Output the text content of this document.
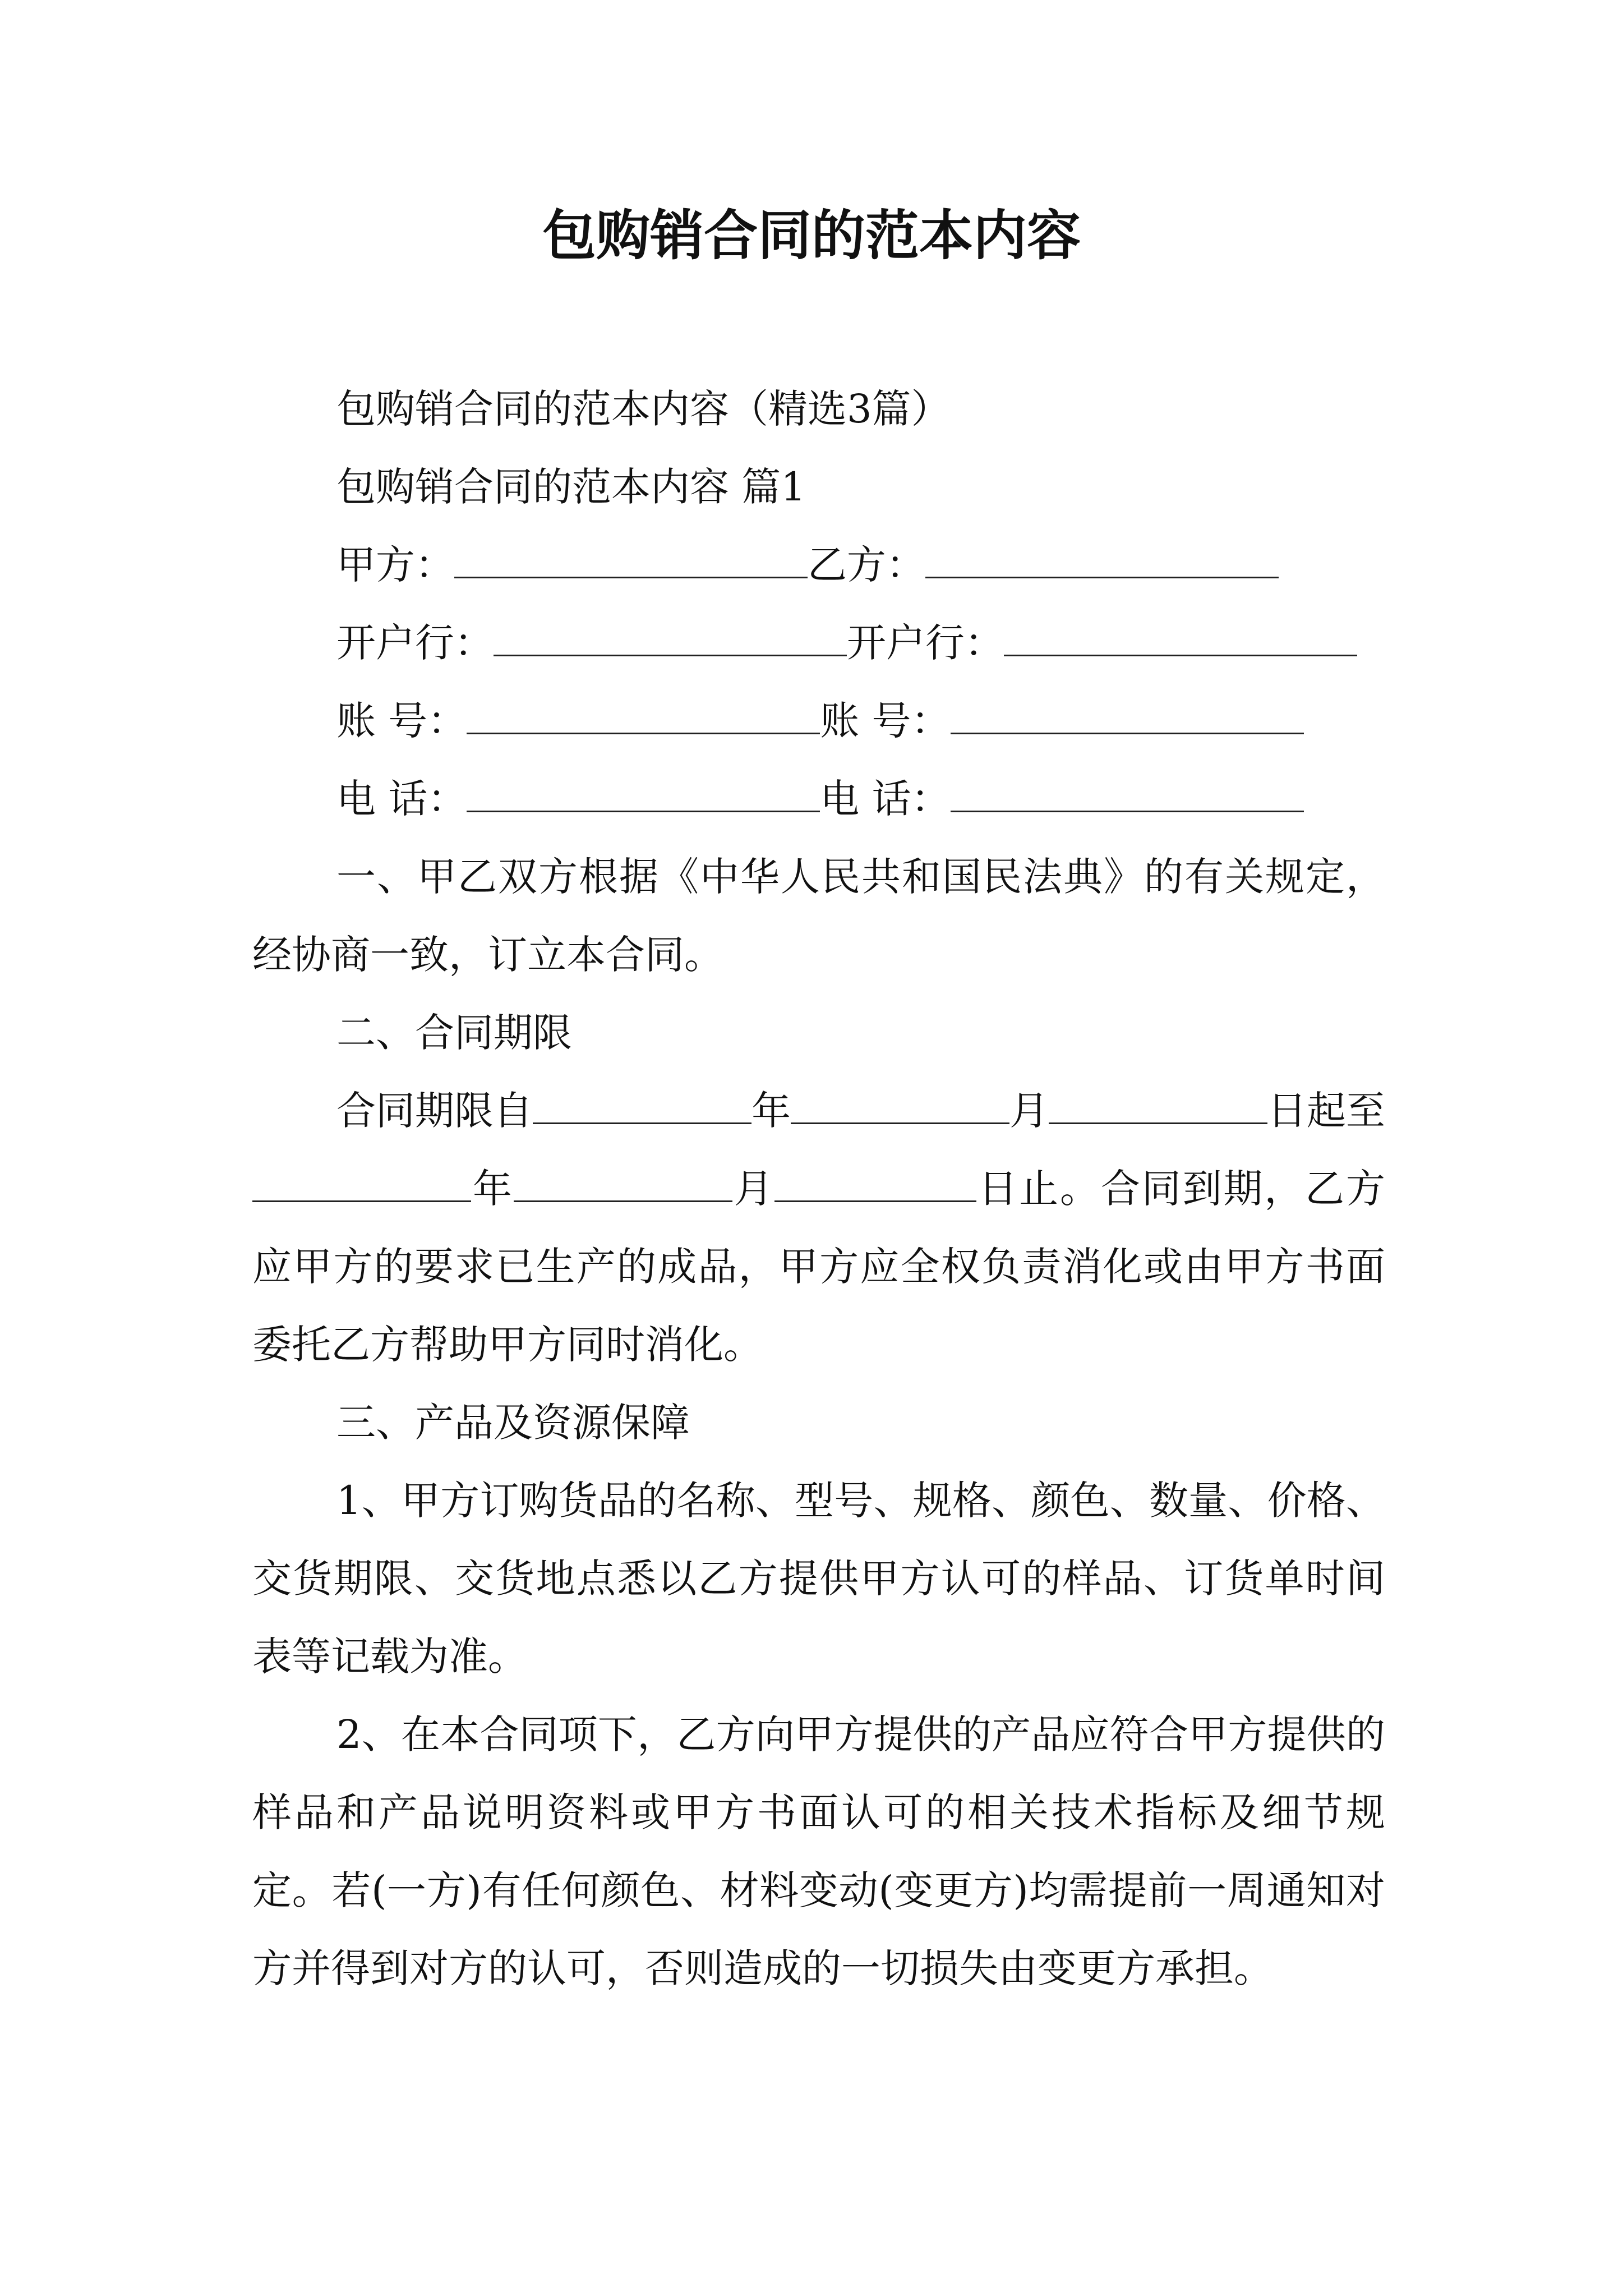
包购销合同的范本内容

包购销合同的范本内容（精选3篇）

包购销合同的范本内容 篇1

甲方：	乙方：

开户行：	开户行：

账 号：	账 号：

电 话：	电 话：

一、甲乙双方根据《中华人民共和国民法典》的有关规定，经协商一致，订立本合同。

二、合同期限

合同期限自	年	月	日起至年	月	日止。合同到期，乙方应甲方的要求已生产的成品，甲方应全权负责消化或由甲方书面委托乙方帮助甲方同时消化。

三、产品及资源保障

1、甲方订购货品的名称、型号、规格、颜色、数量、价格、交货期限、交货地点悉以乙方提供甲方认可的样品、订货单时间表等记载为准。

2、在本合同项下，乙方向甲方提供的产品应符合甲方提供的样品和产品说明资料或甲方书面认可的相关技术指标及细节规定。若(一方)有任何颜色、材料变动(变更方)均需提前一周通知对方并得到对方的认可，否则造成的一切损失由变更方承担。
